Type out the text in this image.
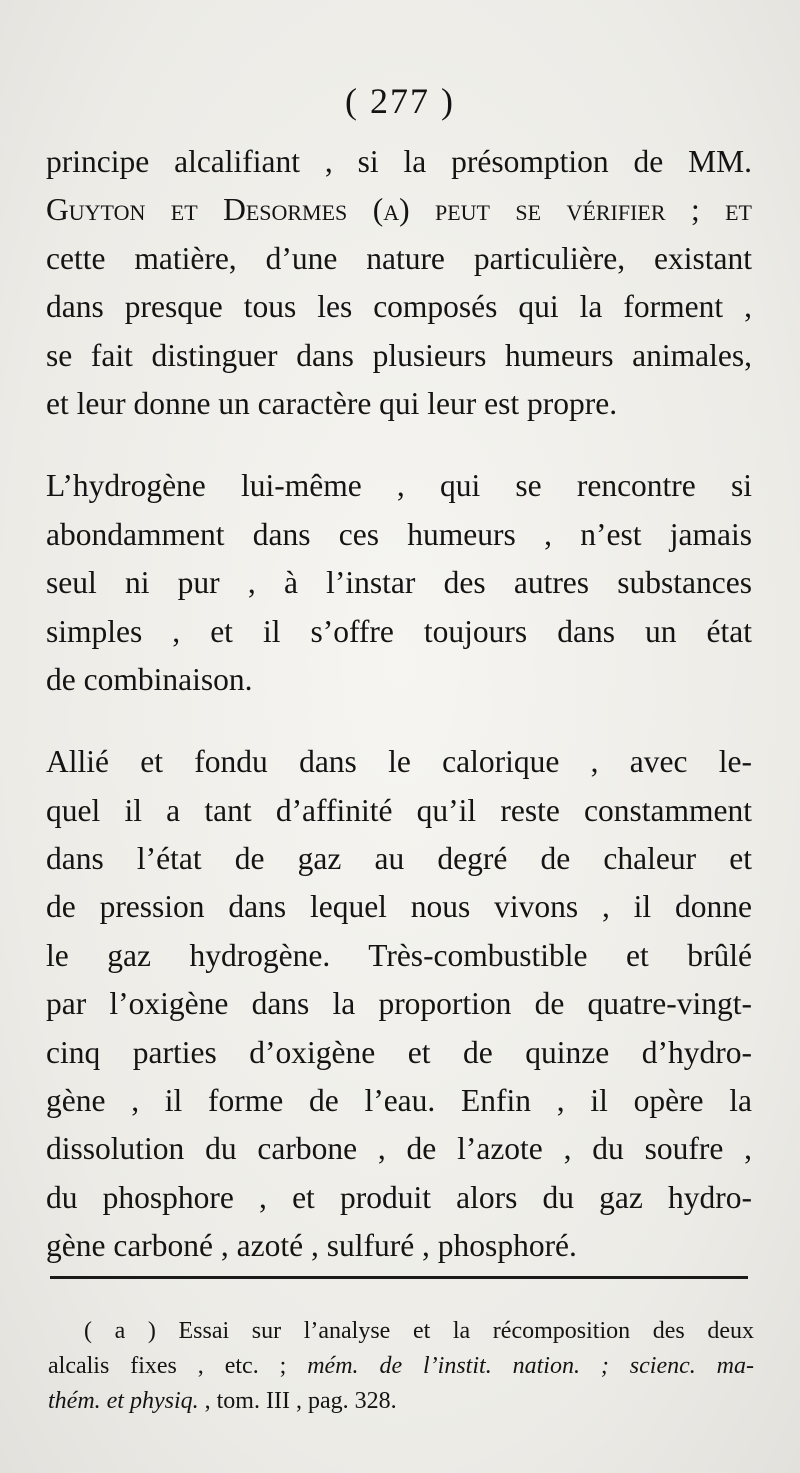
( 277 )
principe alcalifiant , si la présomption de MM.
Guyton et Desormes (a) peut se vérifier ; et
cette matière, d’une nature particulière, existant
dans presque tous les composés qui la forment ,
se fait distinguer dans plusieurs humeurs animales,
et leur donne un caractère qui leur est propre.
L’hydrogène lui-même , qui se rencontre si
abondamment dans ces humeurs , n’est jamais
seul ni pur , à l’instar des autres substances
simples , et il s’offre toujours dans un état
de combinaison.
Allié et fondu dans le calorique , avec le-
quel il a tant d’affinité qu’il reste constamment
dans l’état de gaz au degré de chaleur et
de pression dans lequel nous vivons , il donne
le gaz hydrogène. Très-combustible et brûlé
par l’oxigène dans la proportion de quatre-vingt-
cinq parties d’oxigène et de quinze d’hydro-
gène , il forme de l’eau. Enfin , il opère la
dissolution du carbone , de l’azote , du soufre ,
du phosphore , et produit alors du gaz hydro-
gène carboné , azoté , sulfuré , phosphoré.
( a ) Essai sur l’analyse et la récomposition des deux
alcalis fixes , etc. ; mém. de l’instit. nation. ; scienc. ma-
thém. et physiq. , tom. III , pag. 328.
